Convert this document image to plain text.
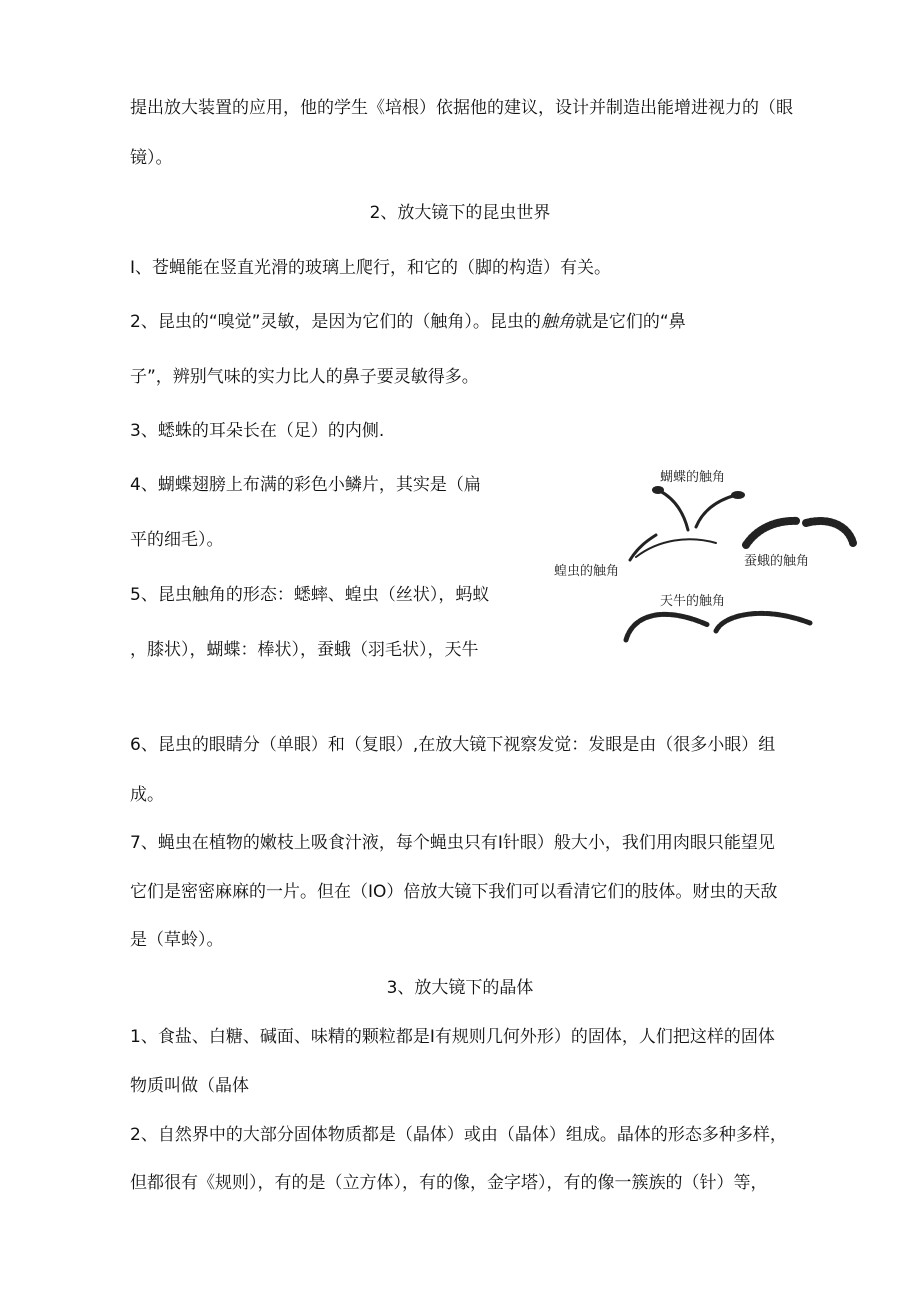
提出放大装置的应用，他的学生《培根）依据他的建议，设计并制造出能增进视力的（眼
镜）。
2、放大镜下的昆虫世界
I、苍蝇能在竖直光滑的玻璃上爬行，和它的（脚的构造）有关。
2、昆虫的“嗅觉”灵敏，是因为它们的（触角）。昆虫的触角就是它们的“鼻
子”，辨别气味的实力比人的鼻子要灵敏得多。
3、蟋蛛的耳朵长在（足）的内侧.
4、蝴蝶翅膀上布满的彩色小鳞片，其实是（扁
平的细毛）。
5、昆虫触角的形态：蟋蟀、蝗虫（丝状），蚂蚁
，膝状），蝴蝶：棒状），蚕蛾（羽毛状），天牛
蝴蝶的触角
蝗虫的触角
蚕蛾的触角
天牛的触角
6、昆虫的眼睛分（单眼）和（复眼）,在放大镜下视察发觉：发眼是由（很多小眼）组
成。
7、蝇虫在植物的嫩枝上吸食汁液，每个蝇虫只有I针眼）般大小，我们用肉眼只能望见
它们是密密麻麻的一片。但在（IO）倍放大镜下我们可以看清它们的肢体。财虫的天敌
是（草蛉）。
3、放大镜下的晶体
1、食盐、白糖、碱面、味精的颗粒都是I有规则几何外形）的固体，人们把这样的固体
物质叫做（晶体
2、自然界中的大部分固体物质都是（晶体）或由（晶体）组成。晶体的形态多种多样，
但都很有《规则），有的是（立方体），有的像，金字塔），有的像一簇族的（针）等，
